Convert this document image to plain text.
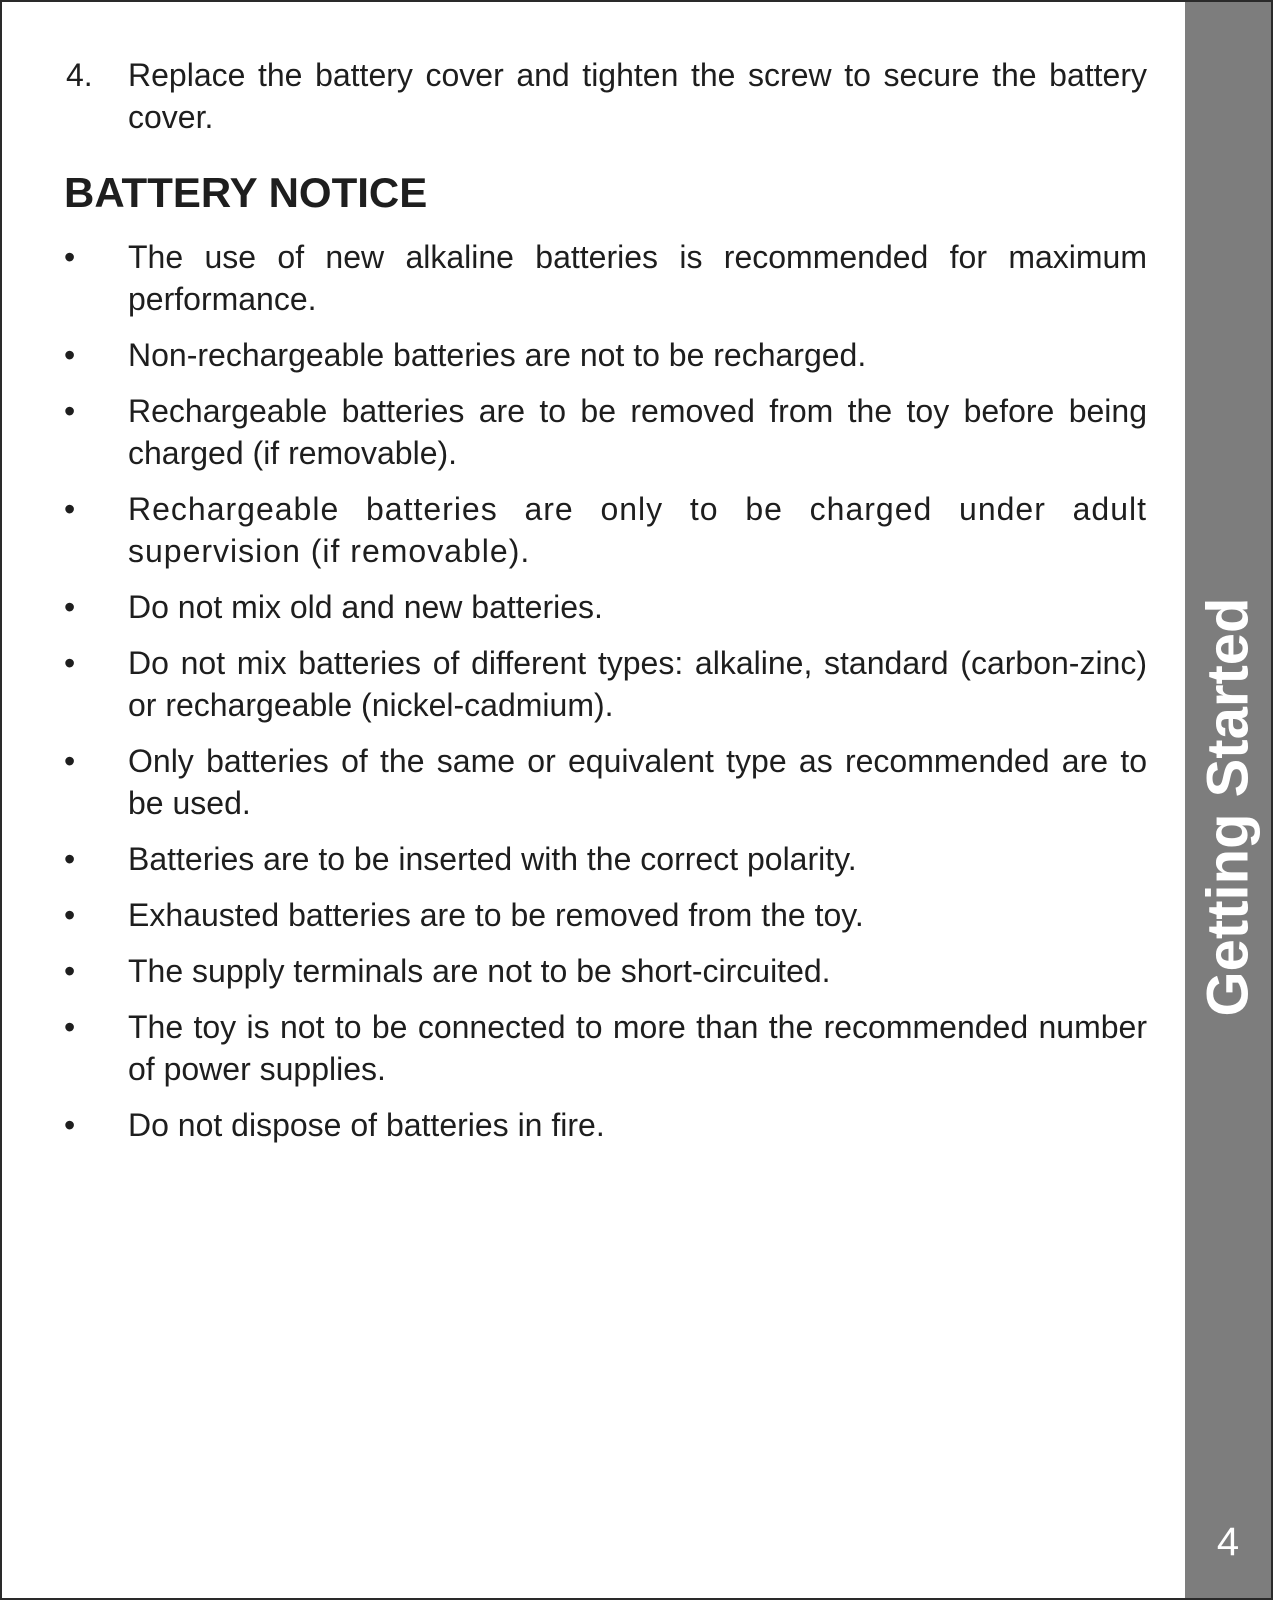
4. Replace the battery cover and tighten the screw to secure the battery cover.
BATTERY NOTICE
• The use of new alkaline batteries is recommended for maximum performance.
• Non-rechargeable batteries are not to be recharged.
• Rechargeable batteries are to be removed from the toy before being charged (if removable).
• Rechargeable batteries are only to be charged under adult supervision (if removable).
• Do not mix old and new batteries.
• Do not mix batteries of different types: alkaline, standard (carbon-zinc) or rechargeable (nickel-cadmium).
• Only batteries of the same or equivalent type as recommended are to be used.
• Batteries are to be inserted with the correct polarity.
• Exhausted batteries are to be removed from the toy.
• The supply terminals are not to be short-circuited.
• The toy is not to be connected to more than the recommended number of power supplies.
• Do not dispose of batteries in fire.
Getting Started
4
